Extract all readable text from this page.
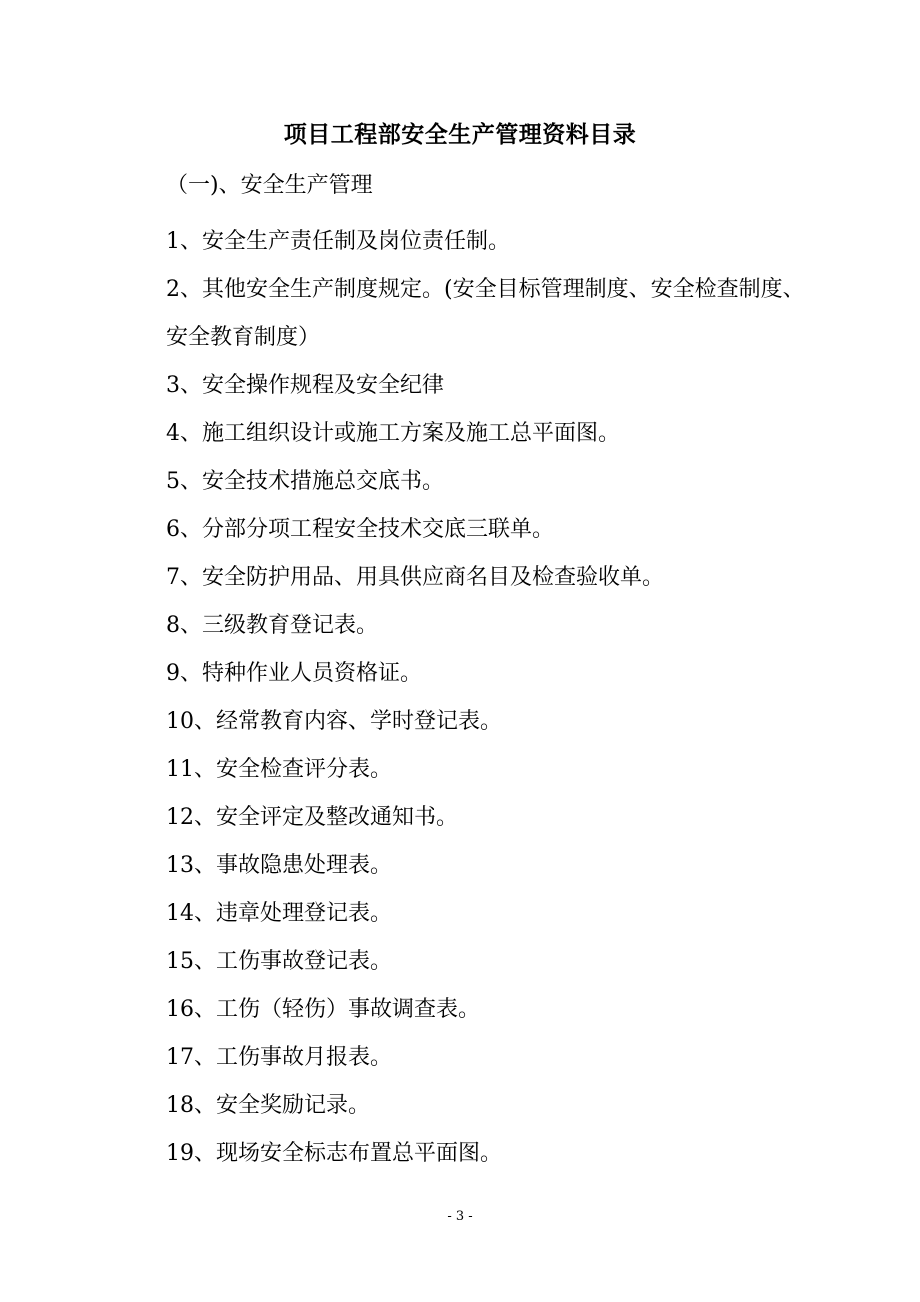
项目工程部安全生产管理资料目录
（一)、安全生产管理
1、安全生产责任制及岗位责任制。
2、其他安全生产制度规定。(安全目标管理制度、安全检查制度、
安全教育制度）
3、安全操作规程及安全纪律
4、施工组织设计或施工方案及施工总平面图。
5、安全技术措施总交底书。
6、分部分项工程安全技术交底三联单。
7、安全防护用品、用具供应商名目及检查验收单。
8、三级教育登记表。
9、特种作业人员资格证。
10、经常教育内容、学时登记表。
11、安全检查评分表。
12、安全评定及整改通知书。
13、事故隐患处理表。
14、违章处理登记表。
15、工伤事故登记表。
16、工伤（轻伤）事故调查表。
17、工伤事故月报表。
18、安全奖励记录。
19、现场安全标志布置总平面图。
- 3 -
